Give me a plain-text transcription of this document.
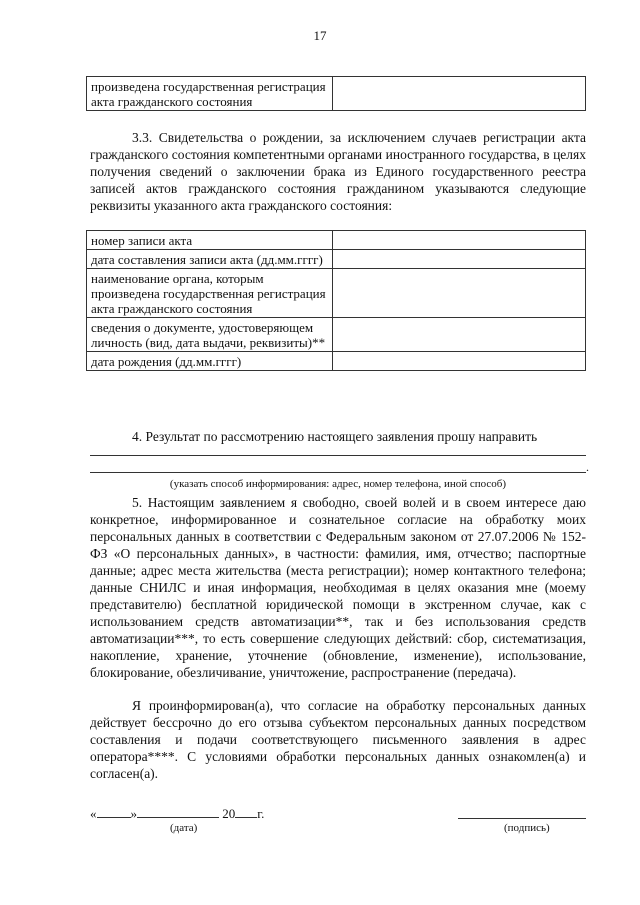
17
произведена государственная регистрация акта гражданского состояния	

3.3. Свидетельства о рождении, за исключением случаев регистрации акта гражданского состояния компетентными органами иностранного государства, в целях получения сведений о заключении брака из Единого государственного реестра записей актов гражданского состояния гражданином указываются следующие реквизиты указанного акта гражданского состояния:

номер записи акта	
дата составления записи акта (дд.мм.гггг)	
наименование органа, которым произведена государственная регистрация акта гражданского состояния	
сведения о документе, удостоверяющем личность (вид, дата выдачи, реквизиты)**	
дата рождения (дд.мм.гггг)	

4. Результат по рассмотрению настоящего заявления прошу направить

.
(указать способ информирования: адрес, номер телефона, иной способ)

5. Настоящим заявлением я свободно, своей волей и в своем интересе даю конкретное, информированное и сознательное согласие на обработку моих персональных данных в соответствии с Федеральным законом от 27.07.2006 № 152-ФЗ «О персональных данных», в частности: фамилия, имя, отчество; паспортные данные; адрес места жительства (места регистрации); номер контактного телефона; данные СНИЛС и иная информация, необходимая в целях оказания мне (моему представителю) бесплатной юридической помощи в экстренном случае, как с использованием средств автоматизации**, так и без использования средств автоматизации***, то есть совершение следующих действий: сбор, систематизация, накопление, хранение, уточнение (обновление, изменение), использование, блокирование, обезличивание, уничтожение, распространение (передача).

Я проинформирован(а), что согласие на обработку персональных данных действует бессрочно до его отзыва субъектом персональных данных посредством составления и подачи соответствующего письменного заявления в адрес оператора****. С условиями обработки персональных данных ознакомлен(а) и согласен(а).

«	»	20 г.
(дата)	(подпись)
